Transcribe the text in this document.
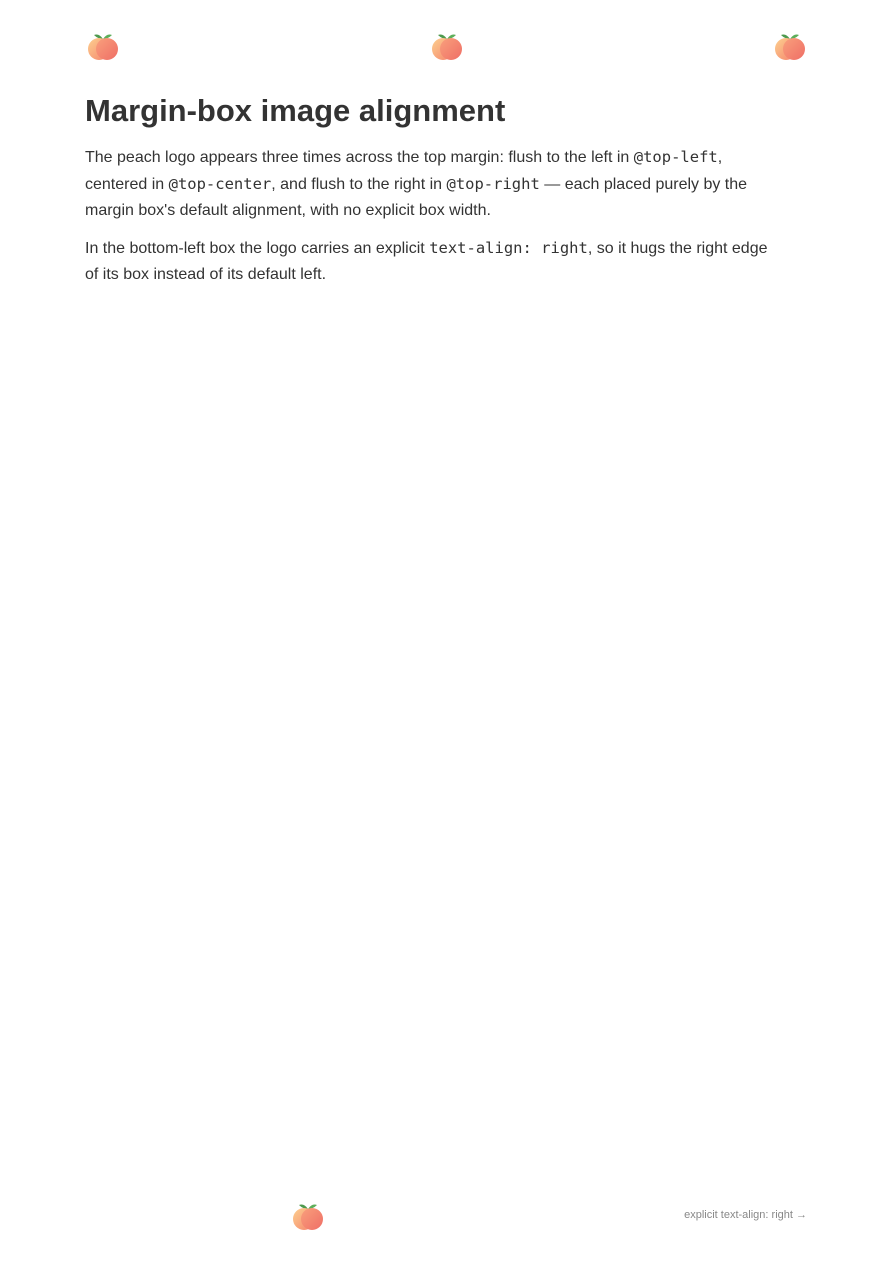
Margin-box image alignment

The peach logo appears three times across the top margin: flush to the left in @top-left,
centered in @top-center, and flush to the right in @top-right — each placed purely by the
margin box's default alignment, with no explicit box width.

In the bottom-left box the logo carries an explicit text-align: right, so it hugs the right edge
of its box instead of its default left.

explicit text-align: right →
